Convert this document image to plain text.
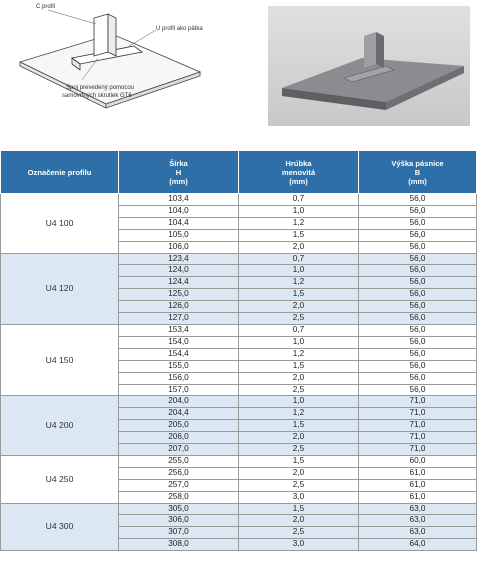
C profil
U profil ako pätka
Spoj prevedený pomocou
samovrtných skrutiek GT6
Označenie profilu	Šírka
H
(mm)	Hrúbka
menovitá
(mm)	Výška pásnice
B
(mm)

U4 100	103,4	0,7	56,0
	104,0	1,0	56,0
	104,4	1,2	56,0
	105,0	1,5	56,0
	106,0	2,0	56,0
U4 120	123,4	0,7	56,0
	124,0	1,0	56,0
	124,4	1,2	56,0
	125,0	1,5	56,0
	126,0	2,0	56,0
	127,0	2,5	56,0
U4 150	153,4	0,7	56,0
	154,0	1,0	56,0
	154,4	1,2	56,0
	155,0	1,5	56,0
	156,0	2,0	56,0
	157,0	2,5	56,0
U4 200	204,0	1,0	71,0
	204,4	1,2	71,0
	205,0	1,5	71,0
	206,0	2,0	71,0
	207,0	2,5	71,0
U4 250	255,0	1,5	60,0
	256,0	2,0	61,0
	257,0	2,5	61,0
	258,0	3,0	61,0
U4 300	305,0	1,5	63,0
	306,0	2,0	63,0
	307,0	2,5	63,0
	308,0	3,0	64,0
